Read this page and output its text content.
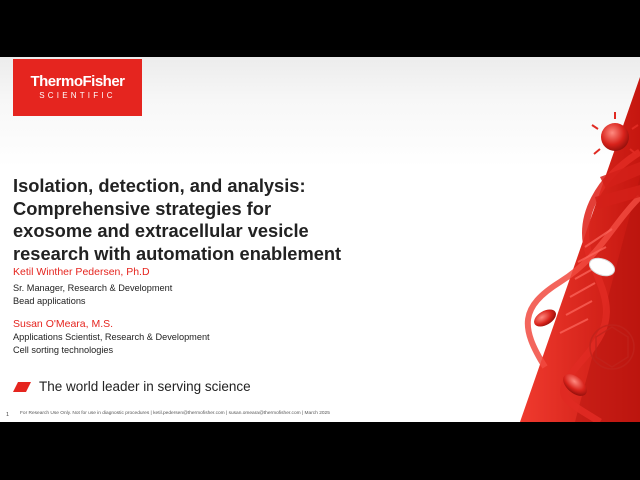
ThermoFisher
SCIENTIFIC
Isolation, detection, and analysis:
Comprehensive strategies for
exosome and extracellular vesicle
research with automation enablement
Ketil Winther Pedersen, Ph.D
Sr. Manager, Research & Development
Bead applications
Susan O'Meara, M.S.
Applications Scientist, Research & Development
Cell sorting technologies
The world leader in serving science
1 For Research Use Only. Not for use in diagnostic procedures | ketil.pedersen@thermofisher.com | susan.omeara@thermofisher.com | March 2025
